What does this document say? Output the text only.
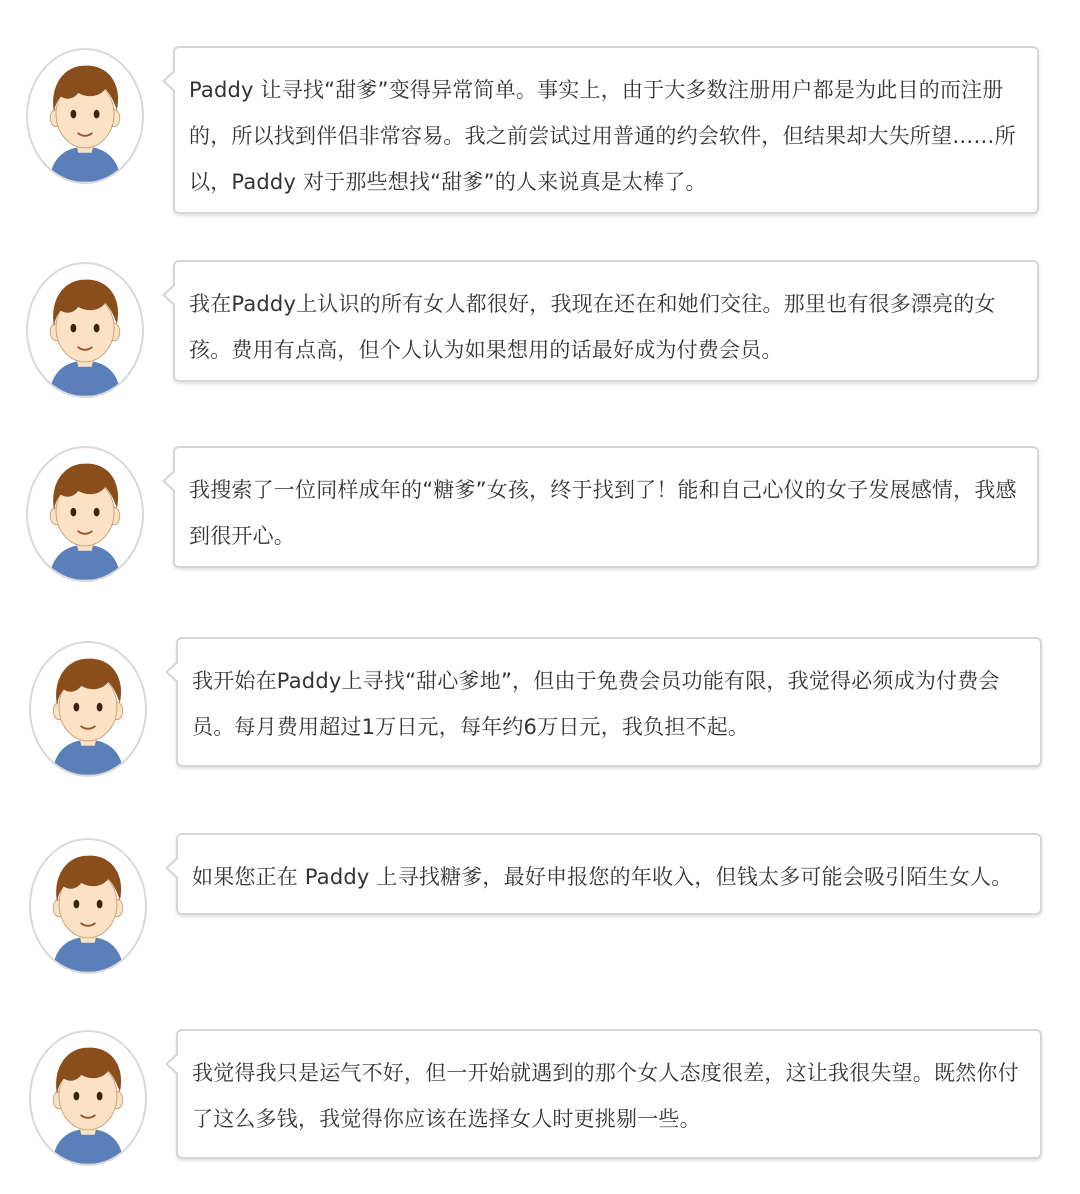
Paddy 让寻找“甜爹”变得异常简单。事实上，由于大多数注册用户都是为此目的而注册的，所以找到伴侣非常容易。我之前尝试过用普通的约会软件，但结果却大失所望……所以，Paddy 对于那些想找“甜爹”的人来说真是太棒了。

我在Paddy上认识的所有女人都很好，我现在还在和她们交往。那里也有很多漂亮的女孩。费用有点高，但个人认为如果想用的话最好成为付费会员。

我搜索了一位同样成年的“糖爹”女孩，终于找到了！能和自己心仪的女子发展感情，我感到很开心。

我开始在Paddy上寻找“甜心爹地”，但由于免费会员功能有限，我觉得必须成为付费会员。每月费用超过1万日元，每年约6万日元，我负担不起。

如果您正在 Paddy 上寻找糖爹，最好申报您的年收入，但钱太多可能会吸引陌生女人。

我觉得我只是运气不好，但一开始就遇到的那个女人态度很差，这让我很失望。既然你付了这么多钱，我觉得你应该在选择女人时更挑剔一些。
